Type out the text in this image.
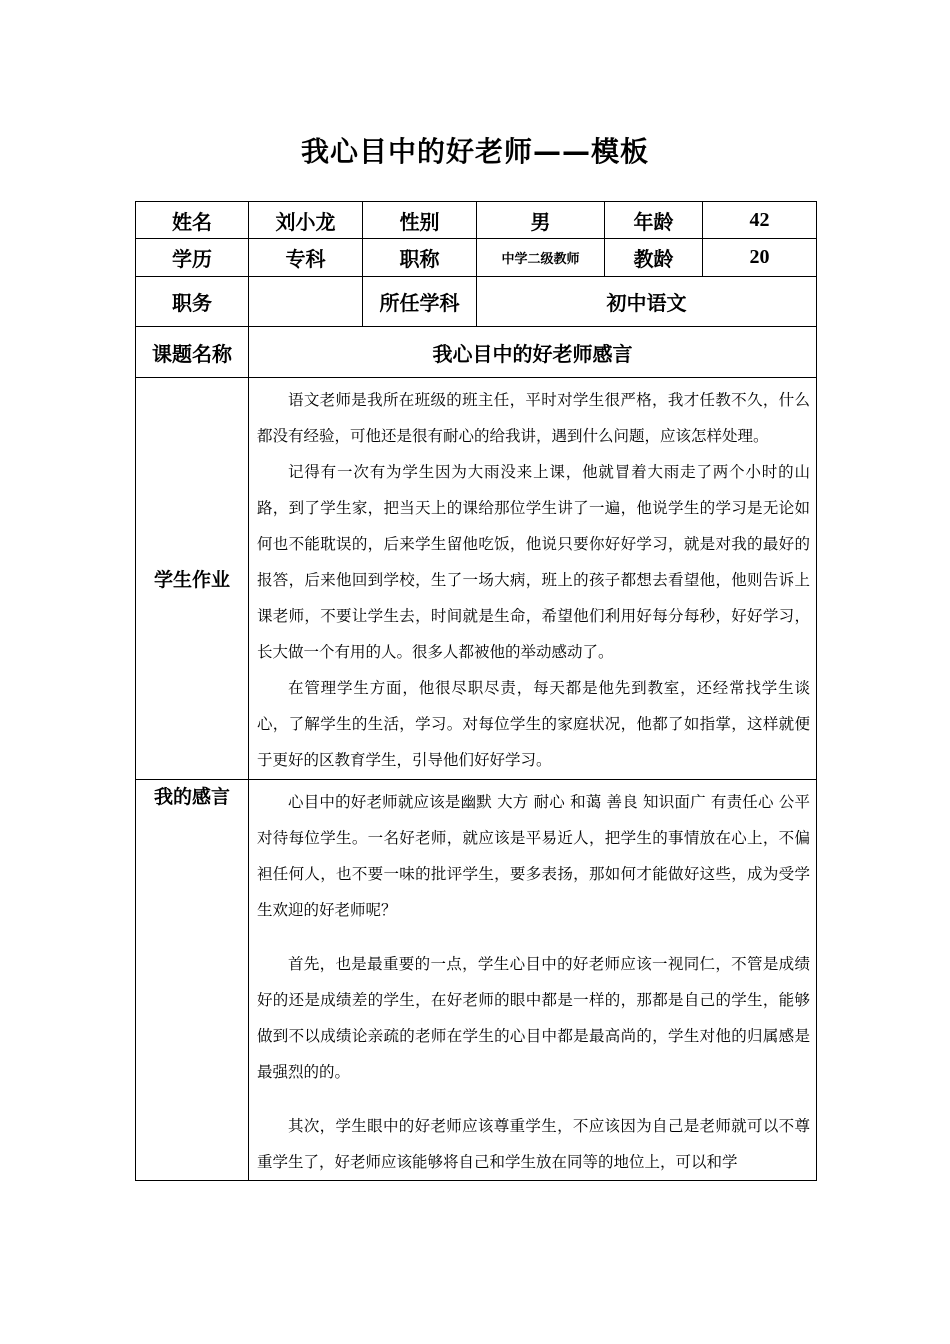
我心目中的好老师——模板
姓名	刘小龙	性别	男	年龄	42
学历	专科	职称	中学二级教师	教龄	20
职务		所任学科	初中语文		
课题名称	我心目中的好老师感言				
学生作业	语文老师是我所在班级的班主任，平时对学生很严格，我才任教不久，什么都没有经验，可他还是很有耐心的给我讲，遇到什么问题，应该怎样处理。

记得有一次有为学生因为大雨没来上课，他就冒着大雨走了两个小时的山路，到了学生家，把当天上的课给那位学生讲了一遍，他说学生的学习是无论如何也不能耽误的，后来学生留他吃饭，他说只要你好好学习，就是对我的最好的报答，后来他回到学校，生了一场大病，班上的孩子都想去看望他，他则告诉上课老师，不要让学生去，时间就是生命，希望他们利用好每分每秒，好好学习，长大做一个有用的人。很多人都被他的举动感动了。

在管理学生方面，他很尽职尽责，每天都是他先到教室，还经常找学生谈心，了解学生的生活，学习。对每位学生的家庭状况，他都了如指掌，这样就便于更好的区教育学生，引导他们好好学习。				

我的感言	心目中的好老师就应该是幽默 大方 耐心 和蔼 善良 知识面广 有责任心 公平对待每位学生。一名好老师，就应该是平易近人，把学生的事情放在心上，不偏袒任何人，也不要一味的批评学生，要多表扬，那如何才能做好这些，成为受学生欢迎的好老师呢？

首先，也是最重要的一点，学生心目中的好老师应该一视同仁，不管是成绩好的还是成绩差的学生，在好老师的眼中都是一样的，那都是自己的学生，能够做到不以成绩论亲疏的老师在学生的心目中都是最高尚的，学生对他的归属感是最强烈的的。

其次，学生眼中的好老师应该尊重学生，不应该因为自己是老师就可以不尊重学生了，好老师应该能够将自己和学生放在同等的地位上，可以和学				
